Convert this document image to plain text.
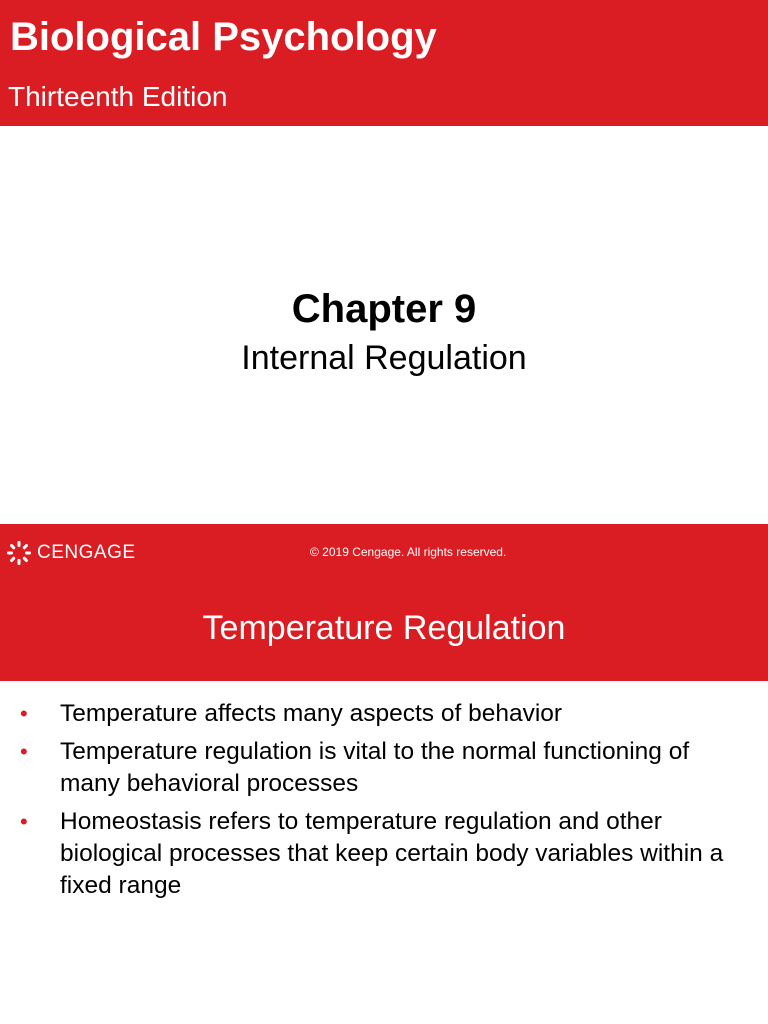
Biological Psychology
Thirteenth Edition
Chapter 9
Internal Regulation
CENGAGE	© 2019 Cengage. All rights reserved.
Temperature Regulation
• Temperature affects many aspects of behavior
• Temperature regulation is vital to the normal functioning of many behavioral processes
• Homeostasis refers to temperature regulation and other biological processes that keep certain body variables within a fixed range
